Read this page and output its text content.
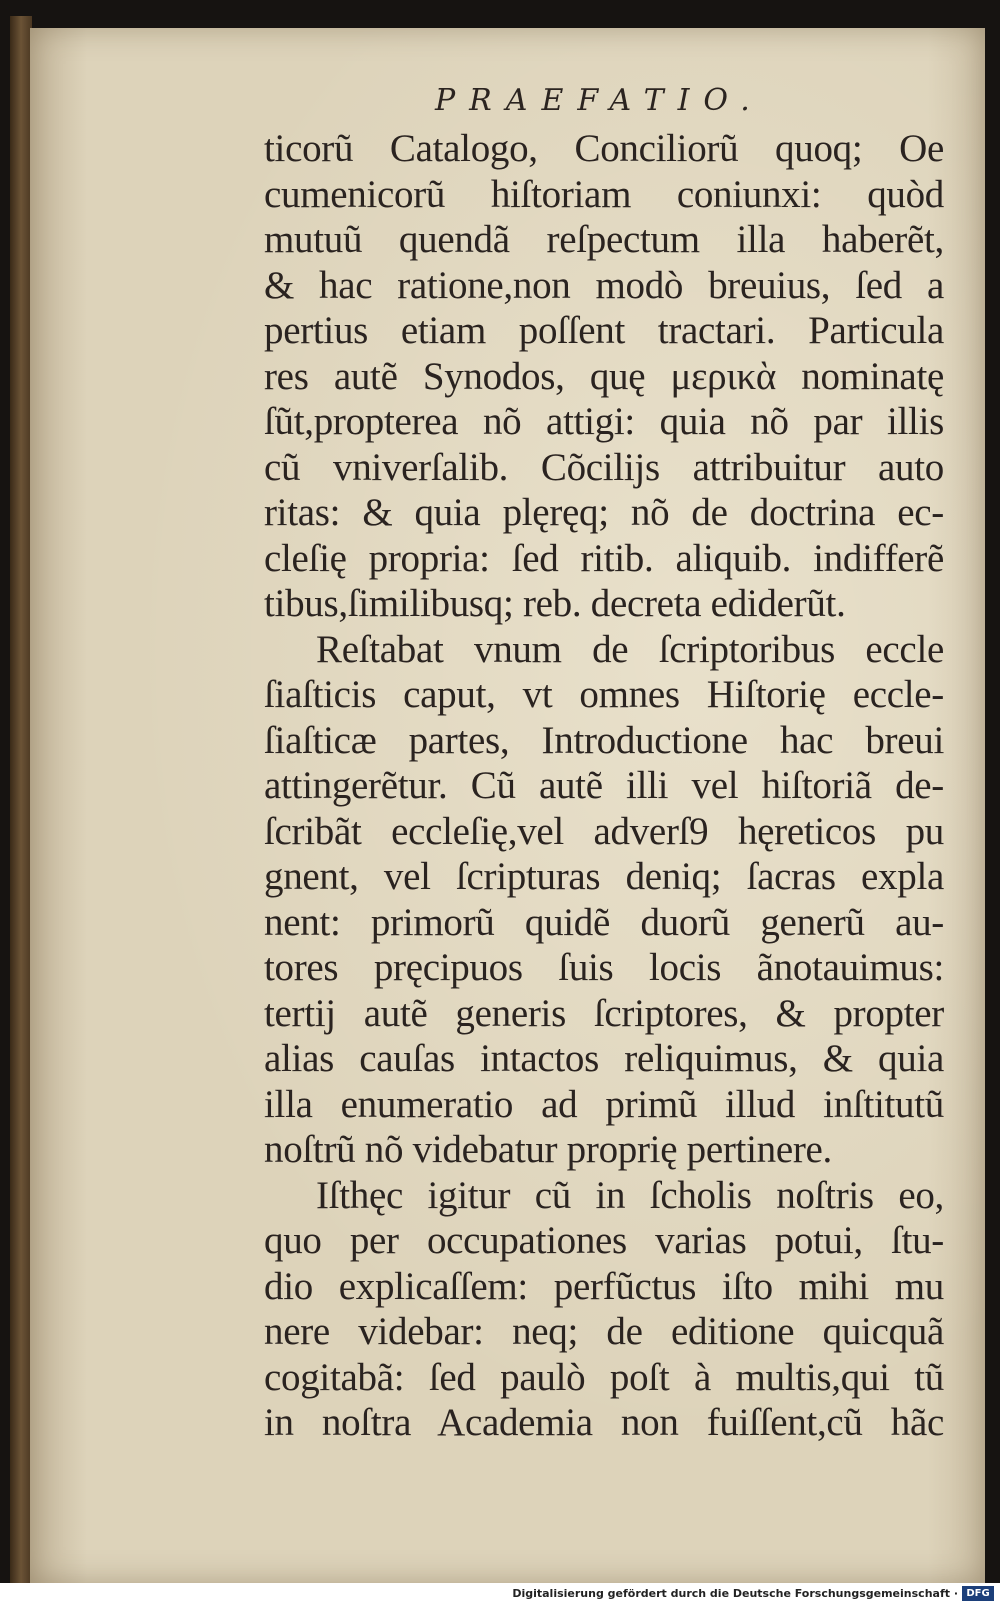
PRAEFATIO.
ticorũ Catalogo, Conciliorũ quoq; Oe
cumenicorũ hiſtoriam coniunxi: quòd
mutuũ quendã reſpectum illa haberẽt,
& hac ratione,non modò breuius, ſed a
pertius etiam poſſent tractari. Particula
res autẽ Synodos, quę μερικὰ nominatę
ſũt,propterea nõ attigi: quia nõ par illis
cũ vniverſalib. Cõcilijs attribuitur auto
ritas: & quia plęręq; nõ de doctrina ec-
cleſię propria: ſed ritib. aliquib. indifferẽ
tibus,ſimilibusq; reb. decreta ediderũt.
Reſtabat vnum de ſcriptoribus eccle
ſiaſticis caput, vt omnes Hiſtorię eccle-
ſiaſticæ partes, Introductione hac breui
attingerẽtur. Cũ autẽ illi vel hiſtoriã de-
ſcribãt eccleſię,vel adverſ9 hęreticos pu
gnent, vel ſcripturas deniq; ſacras expla
nent: primorũ quidẽ duorũ generũ au-
tores pręcipuos ſuis locis ãnotauimus:
tertij autẽ generis ſcriptores, & propter
alias cauſas intactos reliquimus, & quia
illa enumeratio ad primũ illud inſtitutũ
noſtrũ nõ videbatur proprię pertinere.
Iſthęc igitur cũ in ſcholis noſtris eo,
quo per occupationes varias potui, ſtu-
dio explicaſſem: perfũctus iſto mihi mu
nere videbar: neq; de editione quicquã
cogitabã: ſed paulò poſt à multis,qui tũ
in noſtra Academia non fuiſſent,cũ hãc
Digitalisierung gefördert durch die Deutsche Forschungsgemeinschaft · DFG
